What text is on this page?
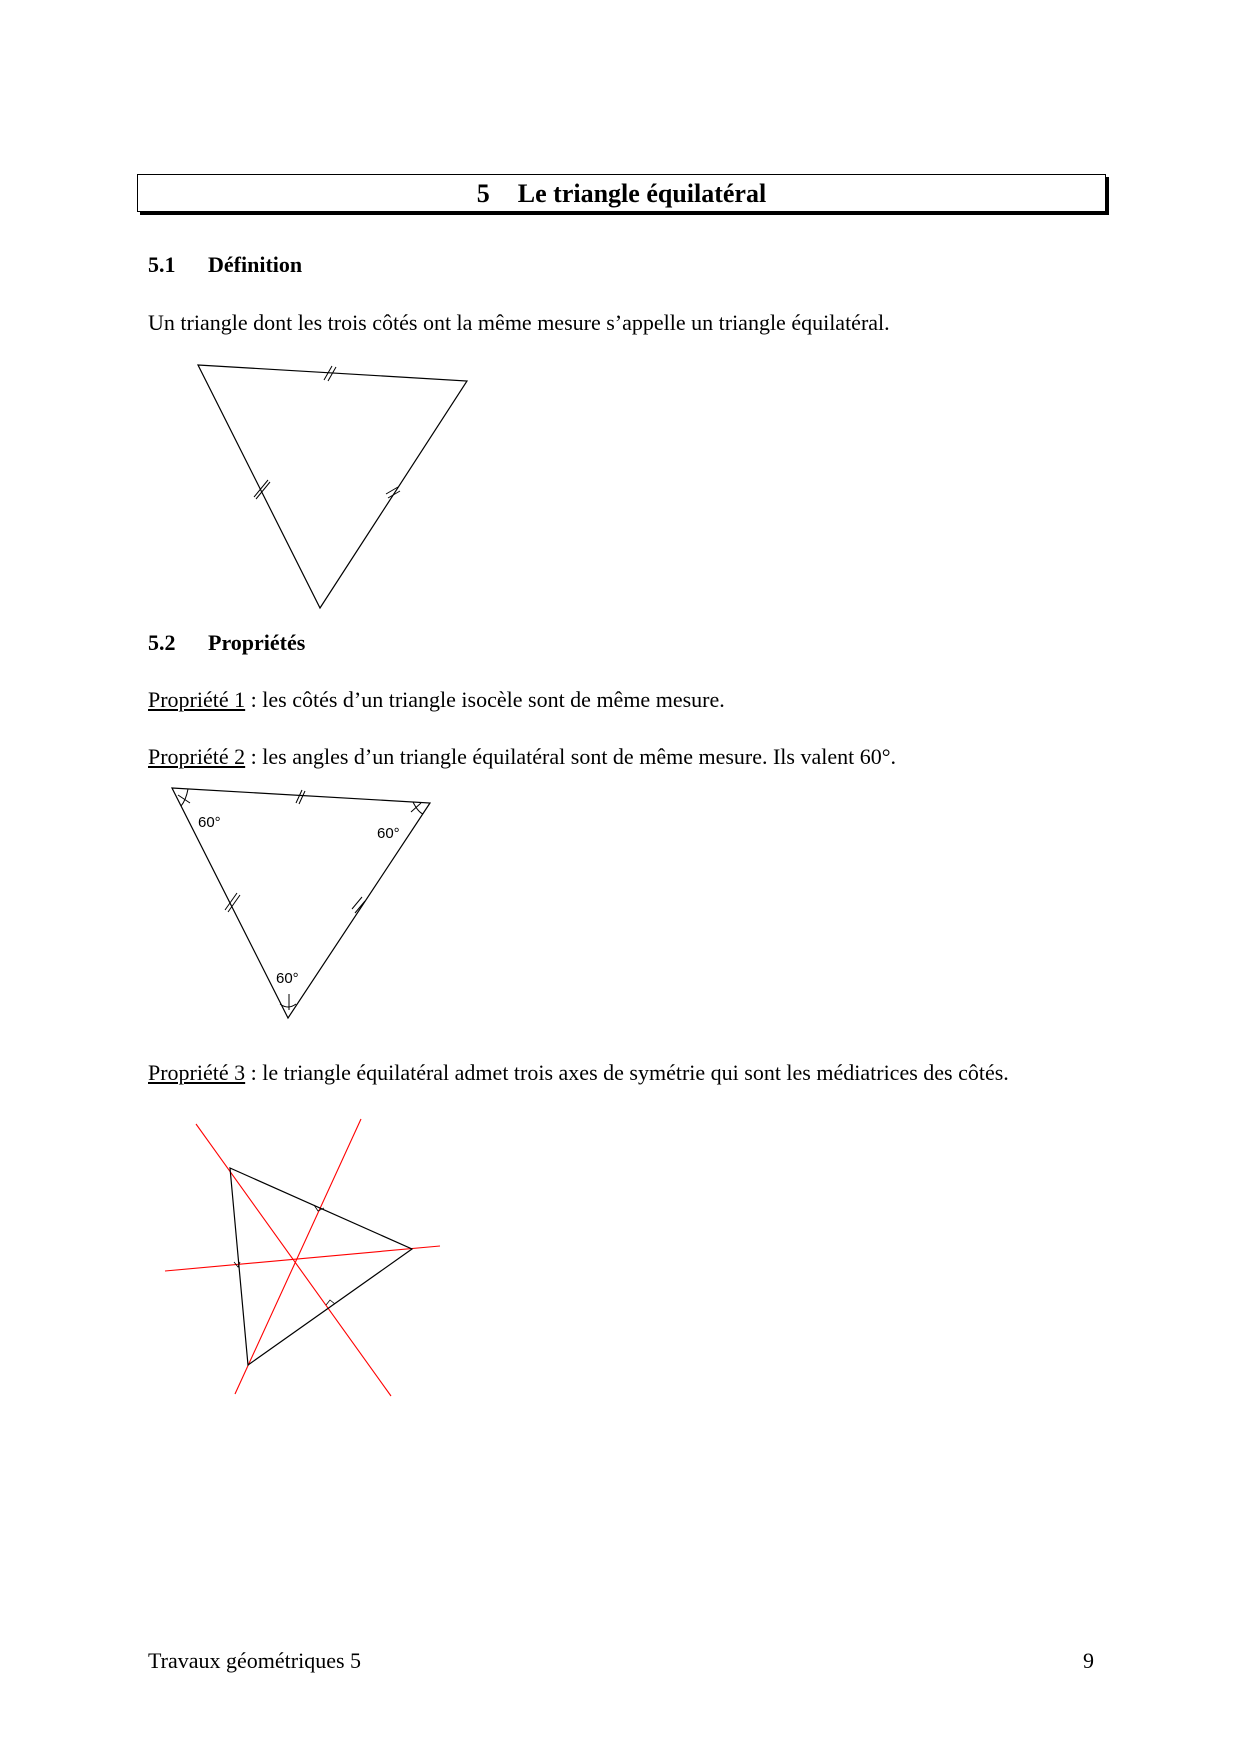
5 Le triangle équilatéral
5.1 Définition
Un triangle dont les trois côtés ont la même mesure s’appelle un triangle équilatéral.
5.2 Propriétés
Propriété 1 : les côtés d’un triangle isocèle sont de même mesure.
Propriété 2 : les angles d’un triangle équilatéral sont de même mesure. Ils valent 60°.
60°
60°
60°
Propriété 3 : le triangle équilatéral admet trois axes de symétrie qui sont les médiatrices des côtés.
Travaux géométriques 5	9
